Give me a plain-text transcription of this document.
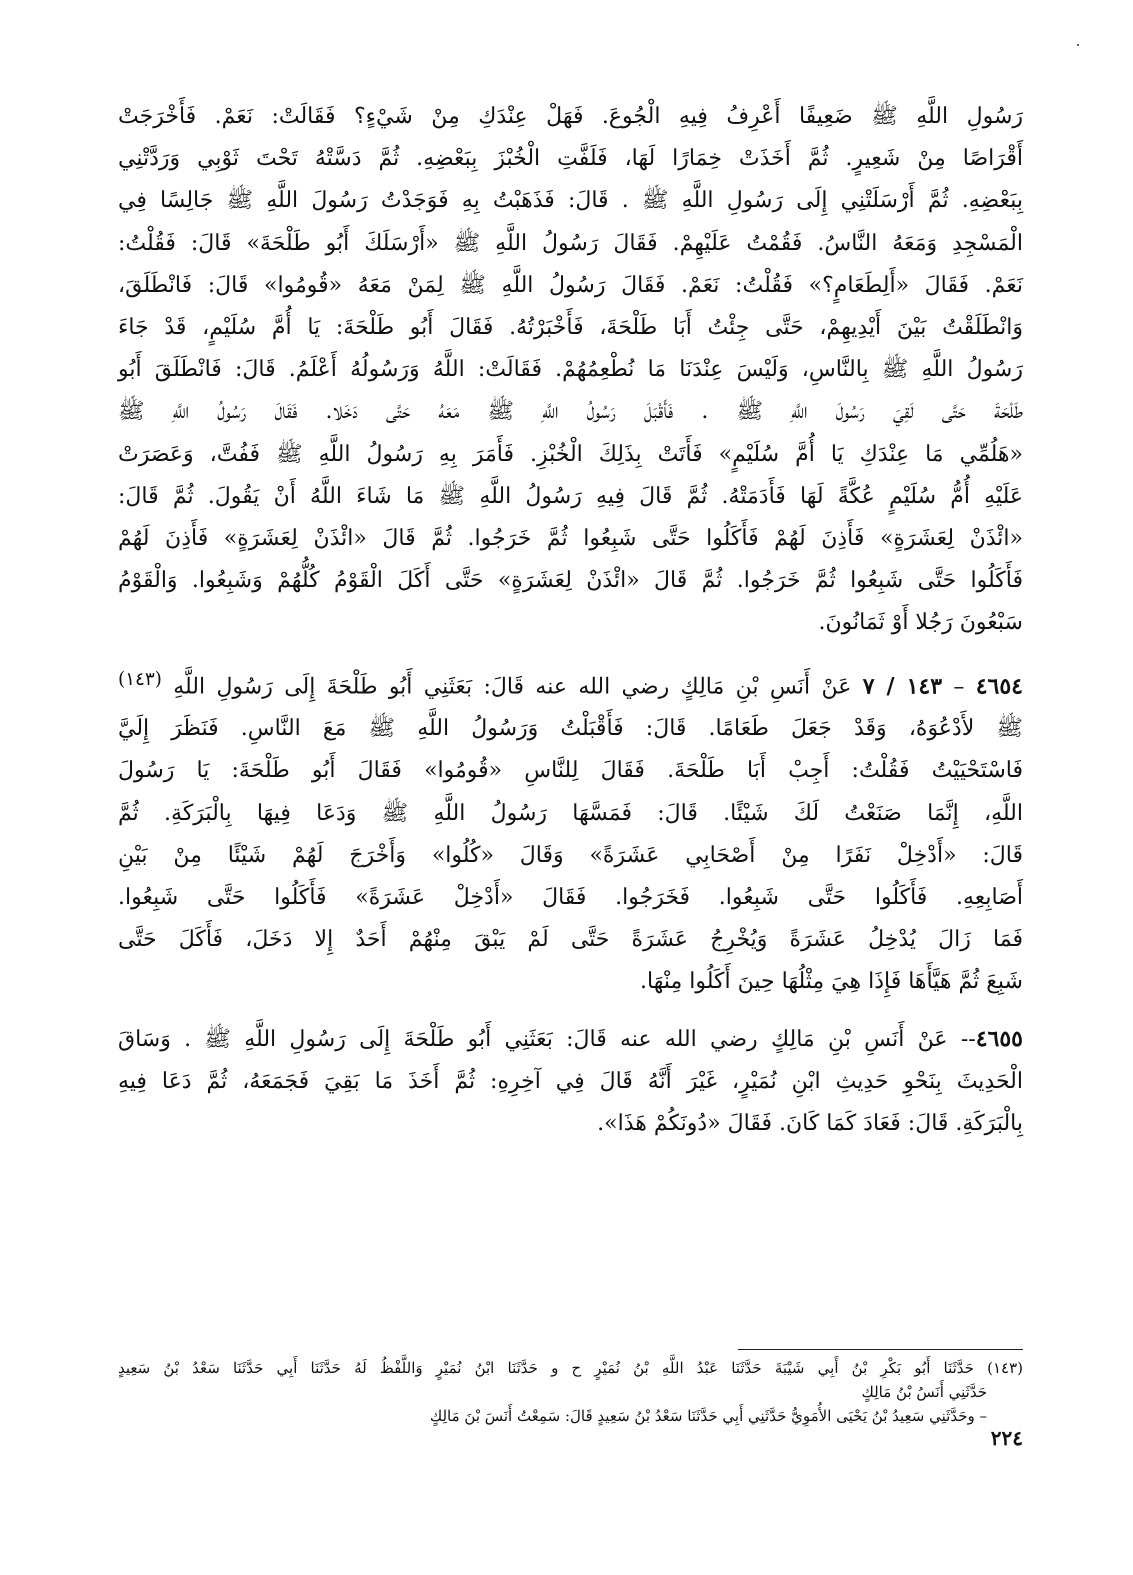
رَسُولِ اللَّهِ ﷺ ضَعِيفًا أَعْرِفُ فِيهِ الْجُوعَ. فَهَلْ عِنْدَكِ مِنْ شَيْءٍ؟ فَقَالَتْ: نَعَمْ. فَأَخْرَجَتْ
أَقْرَاصًا مِنْ شَعِيرٍ. ثُمَّ أَخَذَتْ خِمَارًا لَهَا، فَلَفَّتِ الْخُبْزَ بِبَعْضِهِ. ثُمَّ دَسَّتْهُ تَحْتَ ثَوْبِي وَرَدَّتْنِي
بِبَعْضِهِ. ثُمَّ أَرْسَلَتْنِي إِلَى رَسُولِ اللَّهِ ﷺ . قَالَ: فَذَهَبْتُ بِهِ فَوَجَدْتُ رَسُولَ اللَّهِ ﷺ جَالِسًا فِي
الْمَسْجِدِ وَمَعَهُ النَّاسُ. فَقُمْتُ عَلَيْهِمْ. فَقَالَ رَسُولُ اللَّهِ ﷺ «أَرْسَلَكَ أَبُو طَلْحَةَ» قَالَ: فَقُلْتُ:
نَعَمْ. فَقَالَ «أَلِطَعَامٍ؟» فَقُلْتُ: نَعَمْ. فَقَالَ رَسُولُ اللَّهِ ﷺ لِمَنْ مَعَهُ «قُومُوا» قَالَ: فَانْطَلَقَ،
وَانْطَلَقْتُ بَيْنَ أَيْدِيهِمْ، حَتَّى جِئْتُ أَبَا طَلْحَةَ، فَأَخْبَرْتُهُ. فَقَالَ أَبُو طَلْحَةَ: يَا أُمَّ سُلَيْمٍ، قَدْ جَاءَ
رَسُولُ اللَّهِ ﷺ بِالنَّاسِ، وَلَيْسَ عِنْدَنَا مَا نُطْعِمُهُمْ. فَقَالَتْ: اللَّهُ وَرَسُولُهُ أَعْلَمُ. قَالَ: فَانْطَلَقَ أَبُو
طَلْحَةَ حَتَّى لَقِيَ رَسُولَ اللَّهِ ﷺ . فَأَقْبَلَ رَسُولُ اللَّهِ ﷺ مَعَهُ حَتَّى دَخَلا. فَقَالَ رَسُولُ اللَّهِ ﷺ
«هَلُمِّي مَا عِنْدَكِ يَا أُمَّ سُلَيْمٍ» فَأَتَتْ بِذَلِكَ الْخُبْزِ. فَأَمَرَ بِهِ رَسُولُ اللَّهِ ﷺ فَفُتَّ، وَعَصَرَتْ
عَلَيْهِ أُمُّ سُلَيْمٍ عُكَّةً لَهَا فَأَدَمَتْهُ. ثُمَّ قَالَ فِيهِ رَسُولُ اللَّهِ ﷺ مَا شَاءَ اللَّهُ أَنْ يَقُولَ. ثُمَّ قَالَ:
«ائْذَنْ لِعَشَرَةٍ» فَأَذِنَ لَهُمْ فَأَكَلُوا حَتَّى شَبِعُوا ثُمَّ خَرَجُوا. ثُمَّ قَالَ «ائْذَنْ لِعَشَرَةٍ» فَأَذِنَ لَهُمْ
فَأَكَلُوا حَتَّى شَبِعُوا ثُمَّ خَرَجُوا. ثُمَّ قَالَ «ائْذَنْ لِعَشَرَةٍ» حَتَّى أَكَلَ الْقَوْمُ كُلُّهُمْ وَشَبِعُوا. وَالْقَوْمُ
سَبْعُونَ رَجُلا أَوْ ثَمَانُونَ.

٤٦٥٤ – ١٤٣ / ٧ عَنْ أَنَسِ بْنِ مَالِكٍ رضي الله عنه قَالَ: بَعَثَنِي أَبُو طَلْحَةَ إِلَى رَسُولِ اللَّهِ $^{(١٤٣)}$
ﷺ لأَدْعُوَهُ، وَقَدْ جَعَلَ طَعَامًا. قَالَ: فَأَقْبَلْتُ وَرَسُولُ اللَّهِ ﷺ مَعَ النَّاسِ. فَنَظَرَ إِلَيَّ
فَاسْتَحْيَيْتُ فَقُلْتُ: أَجِبْ أَبَا طَلْحَةَ. فَقَالَ لِلنَّاسِ «قُومُوا» فَقَالَ أَبُو طَلْحَةَ: يَا رَسُولَ
اللَّهِ، إِنَّمَا صَنَعْتُ لَكَ شَيْئًا. قَالَ: فَمَسَّهَا رَسُولُ اللَّهِ ﷺ وَدَعَا فِيهَا بِالْبَرَكَةِ. ثُمَّ
قَالَ: «أَدْخِلْ نَفَرًا مِنْ أَصْحَابِي عَشَرَةً» وَقَالَ «كُلُوا» وَأَخْرَجَ لَهُمْ شَيْئًا مِنْ بَيْنِ
أَصَابِعِهِ. فَأَكَلُوا حَتَّى شَبِعُوا. فَخَرَجُوا. فَقَالَ «أَدْخِلْ عَشَرَةً» فَأَكَلُوا حَتَّى شَبِعُوا.
فَمَا زَالَ يُدْخِلُ عَشَرَةً وَيُخْرِجُ عَشَرَةً حَتَّى لَمْ يَبْقَ مِنْهُمْ أَحَدٌ إِلا دَخَلَ، فَأَكَلَ حَتَّى
شَبِعَ ثُمَّ هَيَّأَهَا فَإِذَا هِيَ مِثْلُهَا حِينَ أَكَلُوا مِنْهَا.

٤٦٥٥-- عَنْ أَنَسِ بْنِ مَالِكٍ رضي الله عنه قَالَ: بَعَثَنِي أَبُو طَلْحَةَ إِلَى رَسُولِ اللَّهِ ﷺ . وَسَاقَ
الْحَدِيثَ بِنَحْوِ حَدِيثِ ابْنِ نُمَيْرٍ، غَيْرَ أَنَّهُ قَالَ فِي آخِرِهِ: ثُمَّ أَخَذَ مَا بَقِيَ فَجَمَعَهُ، ثُمَّ دَعَا فِيهِ
بِالْبَرَكَةِ. قَالَ: فَعَادَ كَمَا كَانَ. فَقَالَ «دُونَكُمْ هَذَا».

(١٤٣) حَدَّثَنَا أَبُو بَكْرِ بْنُ أَبِي شَيْبَةَ حَدَّثَنَا عَبْدُ اللَّهِ بْنُ نُمَيْرٍ ح و حَدَّثَنَا ابْنُ نُمَيْرٍ وَاللَّفْظُ لَهُ حَدَّثَنَا أَبِي حَدَّثَنَا سَعْدُ بْنُ سَعِيدٍ
حَدَّثَنِي أَنَسُ بْنُ مَالِكٍ
– وحَدَّثَنِي سَعِيدُ بْنُ يَحْيَى الأُمَوِيُّ حَدَّثَنِي أَبِي حَدَّثَنَا سَعْدُ بْنُ سَعِيدٍ قَالَ: سَمِعْتُ أَنَسَ بْنَ مَالِكٍ
٢٢٤
